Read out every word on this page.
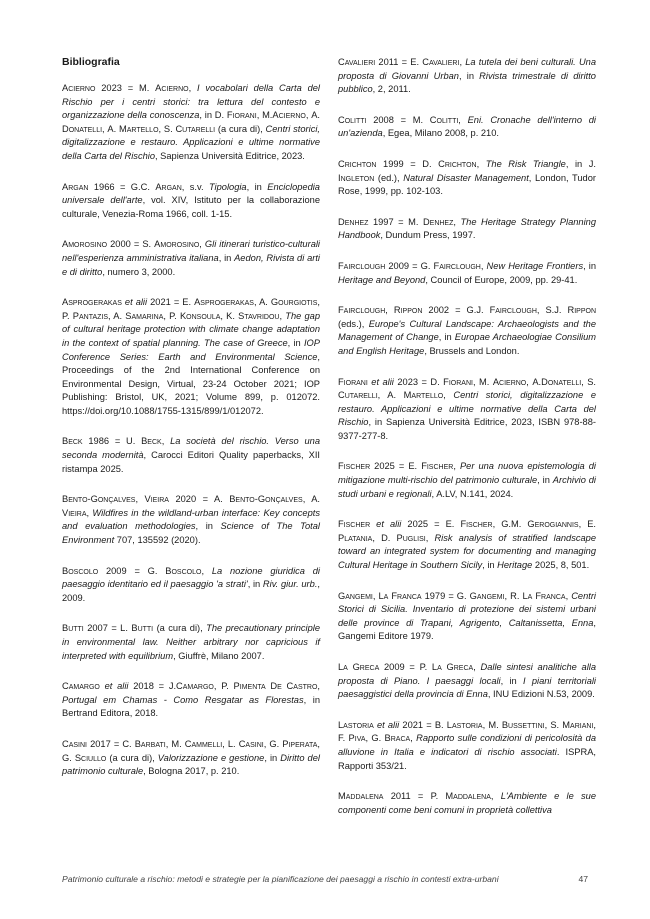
Bibliografia

Acierno 2023 = M. Acierno, I vocabolari della Carta del Rischio per i centri storici: tra lettura del contesto e organizzazione della conoscenza, in D. Fiorani, M.Acierno, A. Donatelli, A. Martello, S. Cutarelli (a cura di), Centri storici, digitalizzazione e restauro. Applicazioni e ultime normative della Carta del Rischio, Sapienza Università Editrice, 2023.

Argan 1966 = G.C. Argan, s.v. Tipologia, in Enciclopedia universale dell'arte, vol. XIV, Istituto per la collaborazione culturale, Venezia-Roma 1966, coll. 1-15.

Amorosino 2000 = S. Amorosino, Gli itinerari turistico-culturali nell'esperienza amministrativa italiana, in Aedon, Rivista di arti e di diritto, numero 3, 2000.

Asprogerakas et alii 2021 = E. Asprogerakas, A. Gourgiotis, P. Pantazis, A. Samarina, P. Konsoula, K. Stavridou, The gap of cultural heritage protection with climate change adaptation in the context of spatial planning. The case of Greece, in IOP Conference Series: Earth and Environmental Science, Proceedings of the 2nd International Conference on Environmental Design, Virtual, 23-24 October 2021; IOP Publishing: Bristol, UK, 2021; Volume 899, p. 012072. https://doi.org/10.1088/1755-1315/899/1/012072.

Beck 1986 = U. Beck, La società del rischio. Verso una seconda modernità, Carocci Editori Quality paperbacks, XII ristampa 2025.

Bento-Gonçalves, Vieira 2020 = A. Bento-Gonçalves, A. Vieira, Wildfires in the wildland-urban interface: Key concepts and evaluation methodologies, in Science of The Total Environment 707, 135592 (2020).

Boscolo 2009 = G. Boscolo, La nozione giuridica di paesaggio identitario ed il paesaggio 'a strati', in Riv. giur. urb., 2009.

Butti 2007 = L. Butti (a cura di), The precautionary principle in environmental law. Neither arbitrary nor capricious if interpreted with equilibrium, Giuffrè, Milano 2007.

Camargo et alii 2018 = J.Camargo, P. Pimenta De Castro, Portugal em Chamas - Como Resgatar as Florestas, in Bertrand Editora, 2018.

Casini 2017 = C. Barbati, M. Cammelli, L. Casini, G. Piperata, G. Sciullo (a cura di), Valorizzazione e gestione, in Diritto del patrimonio culturale, Bologna 2017, p. 210.

Cavalieri 2011 = E. Cavalieri, La tutela dei beni culturali. Una proposta di Giovanni Urban, in Rivista trimestrale di diritto pubblico, 2, 2011.

Colitti 2008 = M. Colitti, Eni. Cronache dell'interno di un'azienda, Egea, Milano 2008, p. 210.

Crichton 1999 = D. Crichton, The Risk Triangle, in J. Ingleton (ed.), Natural Disaster Management, London, Tudor Rose, 1999, pp. 102-103.

Denhez 1997 = M. Denhez, The Heritage Strategy Planning Handbook, Dundum Press, 1997.

Fairclough 2009 = G. Fairclough, New Heritage Frontiers, in Heritage and Beyond, Council of Europe, 2009, pp. 29-41.

Fairclough, Rippon 2002 = G.J. Fairclough, S.J. Rippon (eds.), Europe's Cultural Landscape: Archaeologists and the Management of Change, in Europae Archaeologiae Consilium and English Heritage, Brussels and London.

Fiorani et alii 2023 = D. Fiorani, M. Acierno, A.Donatelli, S. Cutarelli, A. Martello, Centri storici, digitalizzazione e restauro. Applicazioni e ultime normative della Carta del Rischio, in Sapienza Università Editrice, 2023, ISBN 978-88-9377-277-8.

Fischer 2025 = E. Fischer, Per una nuova epistemologia di mitigazione multi-rischio del patrimonio culturale, in Archivio di studi urbani e regionali, A.LV, N.141, 2024.

Fischer et alii 2025 = E. Fischer, G.M. Gerogiannis, E. Platania, D. Puglisi, Risk analysis of stratified landscape toward an integrated system for documenting and managing Cultural Heritage in Southern Sicily, in Heritage 2025, 8, 501.

Gangemi, La Franca 1979 = G. Gangemi, R. La Franca, Centri Storici di Sicilia. Inventario di protezione dei sistemi urbani delle province di Trapani, Agrigento, Caltanissetta, Enna, Gangemi Editore 1979.

La Greca 2009 = P. La Greca, Dalle sintesi analitiche alla proposta di Piano. I paesaggi locali, in I piani territoriali paesaggistici della provincia di Enna, INU Edizioni N.53, 2009.

Lastoria et alii 2021 = B. Lastoria, M. Bussettini, S. Mariani, F. Piva, G. Braca, Rapporto sulle condizioni di pericolosità da alluvione in Italia e indicatori di rischio associati. ISPRA, Rapporti 353/21.

Maddalena 2011 = P. Maddalena, L'Ambiente e le sue componenti come beni comuni in proprietà collettiva

Patrimonio culturale a rischio: metodi e strategie per la pianificazione dei paesaggi a rischio in contesti extra-urbani	47
